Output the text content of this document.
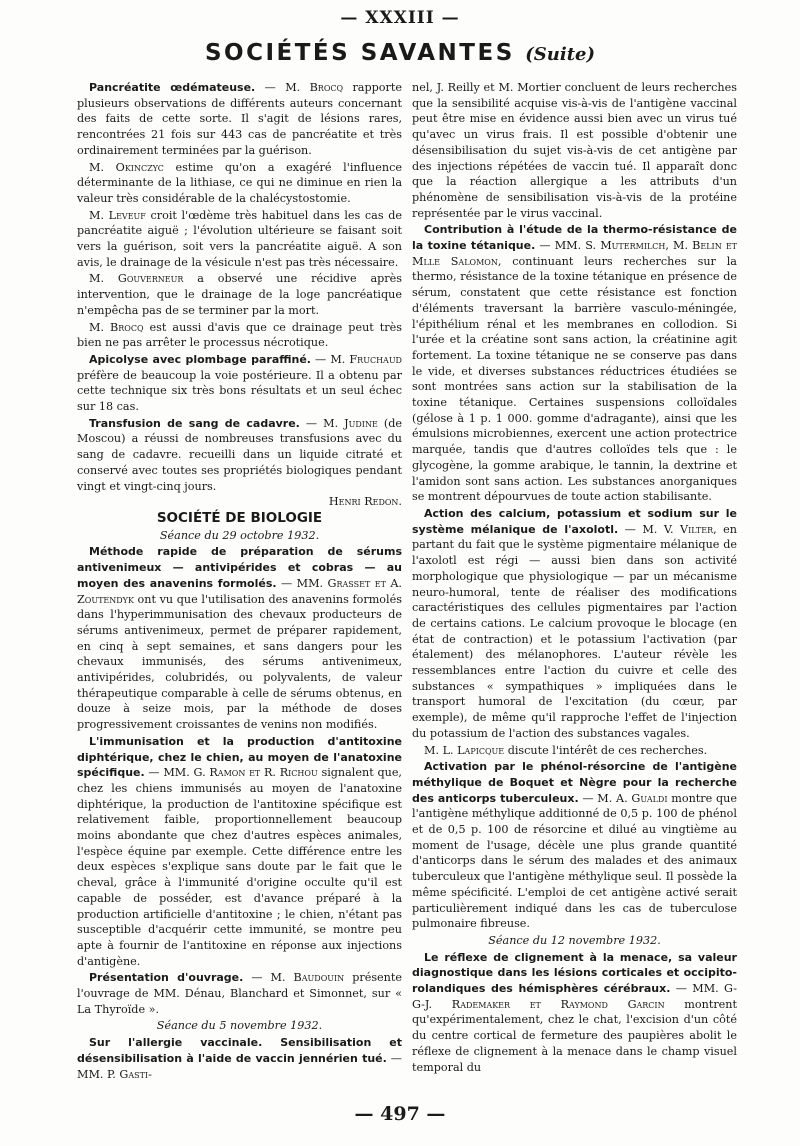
— XXXIII —
SOCIÉTÉS SAVANTES (Suite)

Pancréatite œdémateuse. — M. Brocq rapporte plusieurs observations de différents auteurs concernant des faits de cette sorte. Il s'agit de lésions rares, rencontrées 21 fois sur 443 cas de pancréatite et très ordinairement terminées par la guérison.

M. Okinczyc estime qu'on a exagéré l'influence déterminante de la lithiase, ce qui ne diminue en rien la valeur très considérable de la chalécystostomie.

M. Leveuf croit l'œdème très habituel dans les cas de pancréatite aiguë ; l'évolution ultérieure se faisant soit vers la guérison, soit vers la pancréatite aiguë. A son avis, le drainage de la vésicule n'est pas très nécessaire.

M. Gouverneur a observé une récidive après intervention, que le drainage de la loge pancréatique n'empêcha pas de se terminer par la mort.

M. Brocq est aussi d'avis que ce drainage peut très bien ne pas arrêter le processus nécrotique.

Apicolyse avec plombage paraffiné. — M. Fruchaud préfère de beaucoup la voie postérieure. Il a obtenu par cette technique six très bons résultats et un seul échec sur 18 cas.

Transfusion de sang de cadavre. — M. Judine (de Moscou) a réussi de nombreuses transfusions avec du sang de cadavre. recueilli dans un liquide citraté et conservé avec toutes ses propriétés biologiques pendant vingt et vingt-cinq jours.
Henri Redon.

SOCIÉTÉ DE BIOLOGIE

Séance du 29 octobre 1932.

Méthode rapide de préparation de sérums antivenimeux — antivipérides et cobras — au moyen des anavenins formolés. — MM. Grasset et A. Zoutendyk ont vu que l'utilisation des anavenins formolés dans l'hyperimmunisation des chevaux producteurs de sérums antivenimeux, permet de préparer rapidement, en cinq à sept semaines, et sans dangers pour les chevaux immunisés, des sérums antivenimeux, antivipérides, colubridés, ou polyvalents, de valeur thérapeutique comparable à celle de sérums obtenus, en douze à seize mois, par la méthode de doses progressivement croissantes de venins non modifiés.

L'immunisation et la production d'antitoxine diphtérique, chez le chien, au moyen de l'anatoxine spécifique. — MM. G. Ramon et R. Richou signalent que, chez les chiens immunisés au moyen de l'anatoxine diphtérique, la production de l'antitoxine spécifique est relativement faible, proportionnellement beaucoup moins abondante que chez d'autres espèces animales, l'espèce équine par exemple. Cette différence entre les deux espèces s'explique sans doute par le fait que le cheval, grâce à l'immunité d'origine occulte qu'il est capable de posséder, est d'avance préparé à la production artificielle d'antitoxine ; le chien, n'étant pas susceptible d'acquérir cette immunité, se montre peu apte à fournir de l'antitoxine en réponse aux injections d'antigène.

Présentation d'ouvrage. — M. Baudouin présente l'ouvrage de MM. Dénau, Blanchard et Simonnet, sur « La Thyroïde ».

Séance du 5 novembre 1932.

Sur l'allergie vaccinale. Sensibilisation et désensibilisation à l'aide de vaccin jennérien tué. — MM. P. Gasti-

nel, J. Reilly et M. Mortier concluent de leurs recherches que la sensibilité acquise vis-à-vis de l'antigène vaccinal peut être mise en évidence aussi bien avec un virus tué qu'avec un virus frais. Il est possible d'obtenir une désensibilisation du sujet vis-à-vis de cet antigène par des injections répétées de vaccin tué. Il apparaît donc que la réaction allergique a les attributs d'un phénomène de sensibilisation vis-à-vis de la protéine représentée par le virus vaccinal.

Contribution à l'étude de la thermo-résistance de la toxine tétanique. — MM. S. Mutermilch, M. Belin et Mlle Salomon, continuant leurs recherches sur la thermo, résistance de la toxine tétanique en présence de sérum, constatent que cette résistance est fonction d'éléments traversant la barrière vasculo-méningée, l'épithélium rénal et les membranes en collodion. Si l'urée et la créatine sont sans action, la créatinine agit fortement. La toxine tétanique ne se conserve pas dans le vide, et diverses substances réductrices étudiées se sont montrées sans action sur la stabilisation de la toxine tétanique. Certaines suspensions colloïdales (gélose à 1 p. 1 000. gomme d'adragante), ainsi que les émulsions microbiennes, exercent une action protectrice marquée, tandis que d'autres colloïdes tels que : le glycogène, la gomme arabique, le tannin, la dextrine et l'amidon sont sans action. Les substances anorganiques se montrent dépourvues de toute action stabilisante.

Action des calcium, potassium et sodium sur le système mélanique de l'axolotl. — M. V. Vilter, en partant du fait que le système pigmentaire mélanique de l'axolotl est régi — aussi bien dans son activité morphologique que physiologique — par un mécanisme neuro-humoral, tente de réaliser des modifications caractéristiques des cellules pigmentaires par l'action de certains cations. Le calcium provoque le blocage (en état de contraction) et le potassium l'activation (par étalement) des mélanophores. L'auteur révèle les ressemblances entre l'action du cuivre et celle des substances « sympathiques » impliquées dans le transport humoral de l'excitation (du cœur, par exemple), de même qu'il rapproche l'effet de l'injection du potassium de l'action des substances vagales.

M. L. Lapicque discute l'intérêt de ces recherches.

Activation par le phénol-résorcine de l'antigène méthylique de Boquet et Nègre pour la recherche des anticorps tuberculeux. — M. A. Gualdi montre que l'antigène méthylique additionné de 0,5 p. 100 de phénol et de 0,5 p. 100 de résorcine et dilué au vingtième au moment de l'usage, décèle une plus grande quantité d'anticorps dans le sérum des malades et des animaux tuberculeux que l'antigène méthylique seul. Il possède la même spécificité. L'emploi de cet antigène activé serait particulièrement indiqué dans les cas de tuberculose pulmonaire fibreuse.

Séance du 12 novembre 1932.

Le réflexe de clignement à la menace, sa valeur diagnostique dans les lésions corticales et occipito-rolandiques des hémisphères cérébraux. — MM. G-G-J. Rademaker et Raymond Garcin montrent qu'expérimentalement, chez le chat, l'excision d'un côté du centre cortical de fermeture des paupières abolit le réflexe de clignement à la menace dans le champ visuel temporal du

— 497 —
